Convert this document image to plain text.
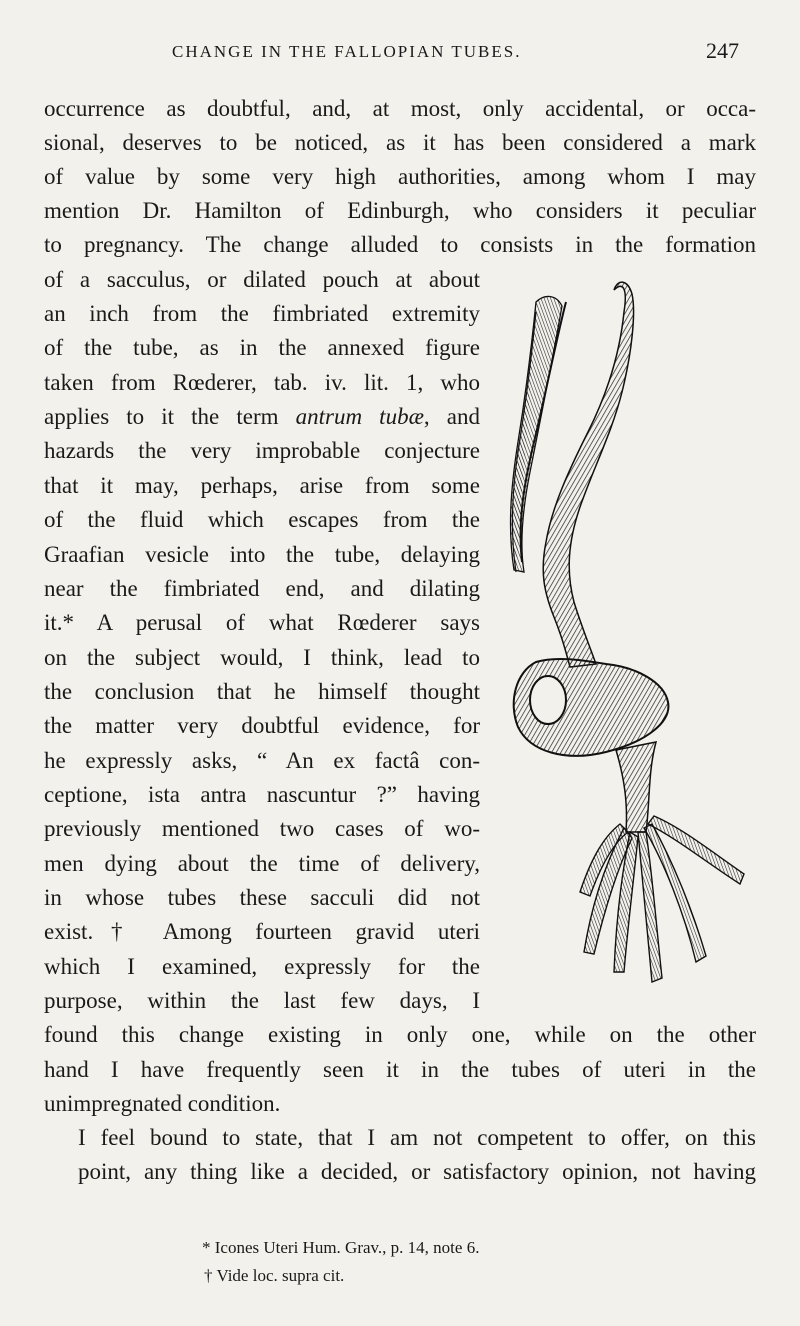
CHANGE IN THE FALLOPIAN TUBES.	247
occurrence as doubtful, and, at most, only accidental, or occa-
sional, deserves to be noticed, as it has been considered a mark
of value by some very high authorities, among whom I may
mention Dr. Hamilton of Edinburgh, who considers it peculiar
to pregnancy. The change alluded to consists in the formation
of a sacculus, or dilated pouch at about
an inch from the fimbriated extremity
of the tube, as in the annexed figure
taken from Rœderer, tab. iv. lit. 1, who
applies to it the term antrum tubæ, and
hazards the very improbable conjecture
that it may, perhaps, arise from some
of the fluid which escapes from the
Graafian vesicle into the tube, delaying
near the fimbriated end, and dilating
it.* A perusal of what Rœderer says
on the subject would, I think, lead to
the conclusion that he himself thought
the matter very doubtful evidence, for
he expressly asks, “ An ex factâ con-
ceptione, ista antra nascuntur ?” having
previously mentioned two cases of wo-
men dying about the time of delivery,
in whose tubes these sacculi did not
exist.† Among fourteen gravid uteri
which I examined, expressly for the
purpose, within the last few days, I
found this change existing in only one, while on the other
hand I have frequently seen it in the tubes of uteri in the
unimpregnated condition.
I feel bound to state, that I am not competent to offer, on this
point, any thing like a decided, or satisfactory opinion, not having
* Icones Uteri Hum. Grav., p. 14, note 6.
† Vide loc. supra cit.
